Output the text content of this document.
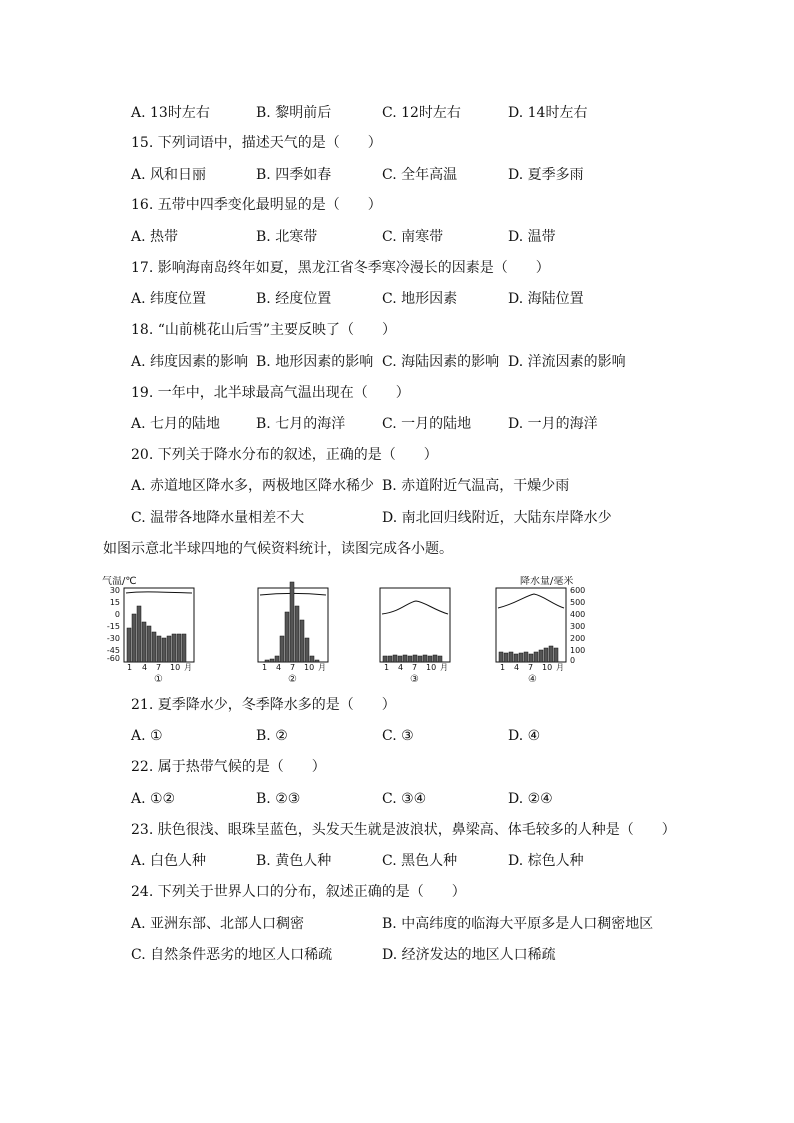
A. 13时左右	B. 黎明前后	C. 12时左右	D. 14时左右
15. 下列词语中，描述天气的是（　　）
A. 风和日丽	B. 四季如春	C. 全年高温	D. 夏季多雨
16. 五带中四季变化最明显的是（　　）
A. 热带	B. 北寒带	C. 南寒带	D. 温带
17. 影响海南岛终年如夏，黑龙江省冬季寒冷漫长的因素是（　　）
A. 纬度位置	B. 经度位置	C. 地形因素	D. 海陆位置
18. “山前桃花山后雪”主要反映了（　　）
A. 纬度因素的影响 B. 地形因素的影响 C. 海陆因素的影响 D. 洋流因素的影响
19. 一年中，北半球最高气温出现在（　　）
A. 七月的陆地	B. 七月的海洋	C. 一月的陆地	D. 一月的海洋
20. 下列关于降水分布的叙述，正确的是（　　）
A. 赤道地区降水多，两极地区降水稀少 B. 赤道附近气温高，干燥少雨
C. 温带各地降水量相差不大	D. 南北回归线附近，大陆东岸降水少
如图示意北半球四地的气候资料统计，读图完成各小题。
气温/℃
30
15
0
-15
-30
-45
-60
1 4 7 10 月
①
1 4 7 10 月
②
1 4 7 10 月
③
降水量/毫米
1 4 7 10 月
④
600
500
400
300
200
100
0
21. 夏季降水少，冬季降水多的是（　　）
A. ①	B. ②	C. ③	D. ④
22. 属于热带气候的是（　　）
A. ①②	B. ②③	C. ③④	D. ②④
23. 肤色很浅、眼珠呈蓝色，头发天生就是波浪状，鼻梁高、体毛较多的人种是（　　）
A. 白色人种	B. 黄色人种	C. 黑色人种	D. 棕色人种
24. 下列关于世界人口的分布，叙述正确的是（　　）
A. 亚洲东部、北部人口稠密	B. 中高纬度的临海大平原多是人口稠密地区
C. 自然条件恶劣的地区人口稀疏	D. 经济发达的地区人口稀疏
